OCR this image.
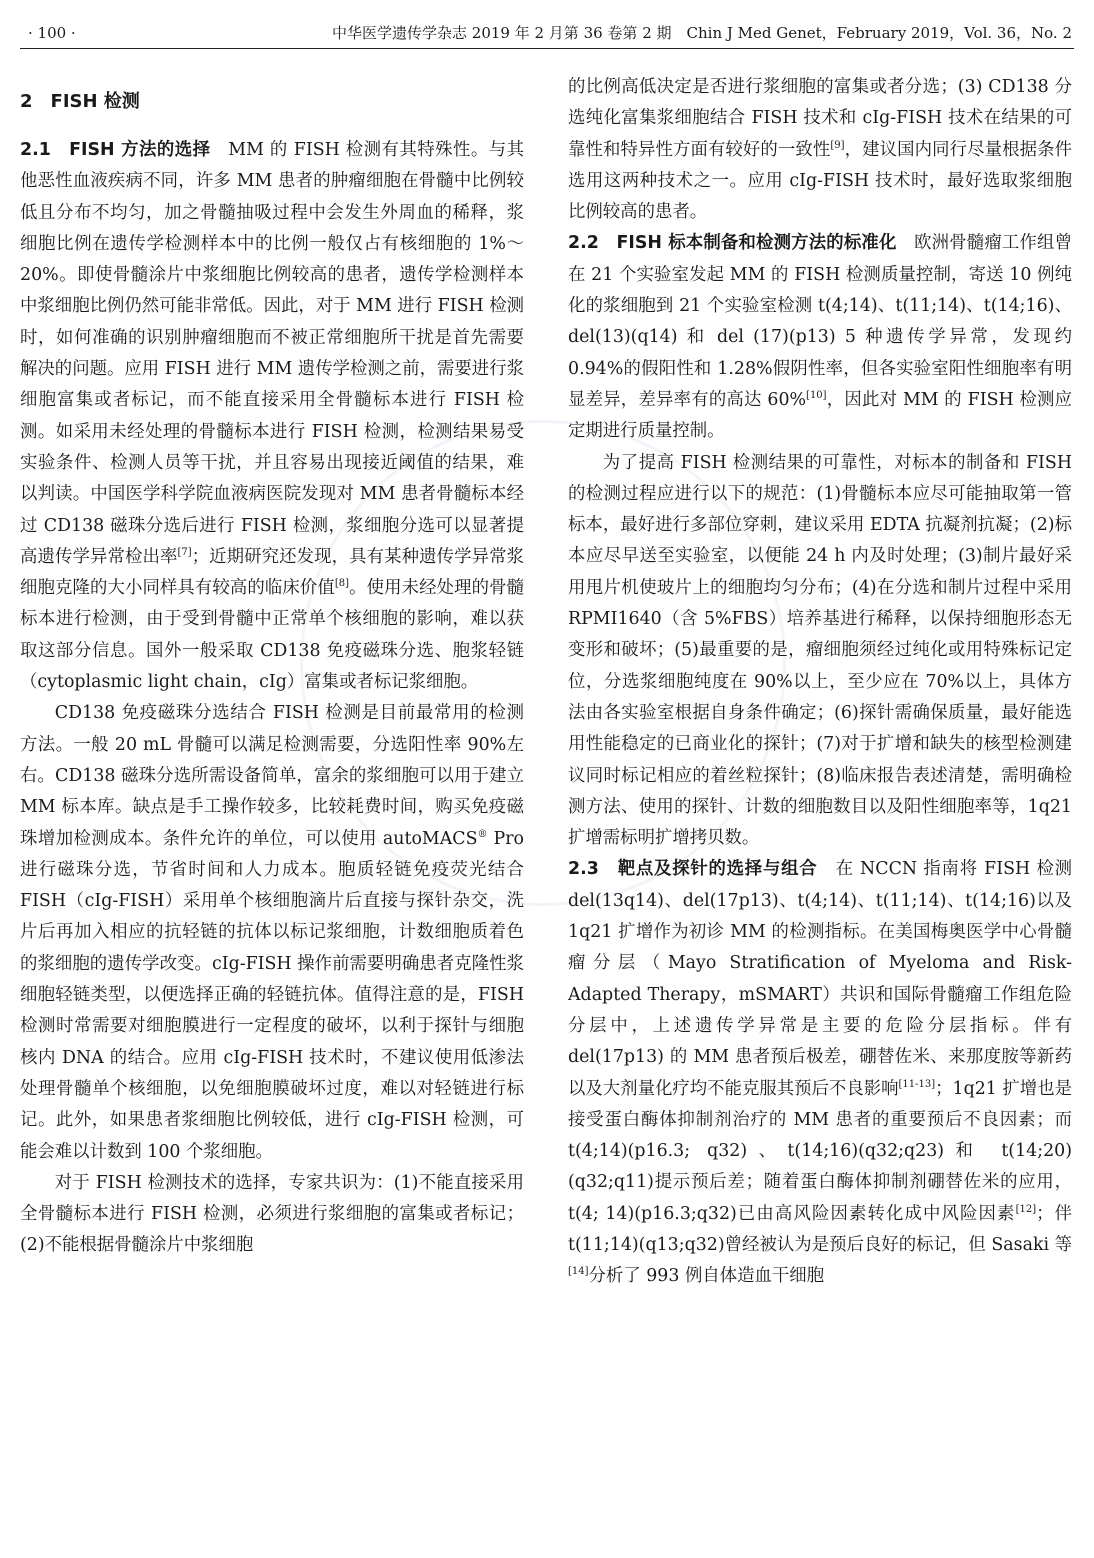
· 100 ·	中华医学遗传学杂志 2019 年 2 月第 36 卷第 2 期　Chin J Med Genet，February 2019，Vol. 36，No. 2
2　FISH 检测

2.1　FISH 方法的选择　MM 的 FISH 检测有其特殊性。与其他恶性血液疾病不同，许多 MM 患者的肿瘤细胞在骨髓中比例较低且分布不均匀，加之骨髓抽吸过程中会发生外周血的稀释，浆细胞比例在遗传学检测样本中的比例一般仅占有核细胞的 1%～20%。即使骨髓涂片中浆细胞比例较高的患者，遗传学检测样本中浆细胞比例仍然可能非常低。因此，对于 MM 进行 FISH 检测时，如何准确的识别肿瘤细胞而不被正常细胞所干扰是首先需要解决的问题。应用 FISH 进行 MM 遗传学检测之前，需要进行浆细胞富集或者标记，而不能直接采用全骨髓标本进行 FISH 检测。如采用未经处理的骨髓标本进行 FISH 检测，检测结果易受实验条件、检测人员等干扰，并且容易出现接近阈值的结果，难以判读。中国医学科学院血液病医院发现对 MM 患者骨髓标本经过 CD138 磁珠分选后进行 FISH 检测，浆细胞分选可以显著提高遗传学异常检出率[7]；近期研究还发现，具有某种遗传学异常浆细胞克隆的大小同样具有较高的临床价值[8]。使用未经处理的骨髓标本进行检测，由于受到骨髓中正常单个核细胞的影响，难以获取这部分信息。国外一般采取 CD138 免疫磁珠分选、胞浆轻链（cytoplasmic light chain，cIg）富集或者标记浆细胞。

CD138 免疫磁珠分选结合 FISH 检测是目前最常用的检测方法。一般 20 mL 骨髓可以满足检测需要，分选阳性率 90%左右。CD138 磁珠分选所需设备简单，富余的浆细胞可以用于建立 MM 标本库。缺点是手工操作较多，比较耗费时间，购买免疫磁珠增加检测成本。条件允许的单位，可以使用 autoMACS® Pro 进行磁珠分选，节省时间和人力成本。胞质轻链免疫荧光结合 FISH（cIg-FISH）采用单个核细胞滴片后直接与探针杂交，洗片后再加入相应的抗轻链的抗体以标记浆细胞，计数细胞质着色的浆细胞的遗传学改变。cIg-FISH 操作前需要明确患者克隆性浆细胞轻链类型，以便选择正确的轻链抗体。值得注意的是，FISH 检测时常需要对细胞膜进行一定程度的破坏，以利于探针与细胞核内 DNA 的结合。应用 cIg-FISH 技术时，不建议使用低渗法处理骨髓单个核细胞，以免细胞膜破坏过度，难以对轻链进行标记。此外，如果患者浆细胞比例较低，进行 cIg-FISH 检测，可能会难以计数到 100 个浆细胞。

对于 FISH 检测技术的选择，专家共识为：(1)不能直接采用全骨髓标本进行 FISH 检测，必须进行浆细胞的富集或者标记；(2)不能根据骨髓涂片中浆细胞

的比例高低决定是否进行浆细胞的富集或者分选；(3) CD138 分选纯化富集浆细胞结合 FISH 技术和 cIg-FISH 技术在结果的可靠性和特异性方面有较好的一致性[9]，建议国内同行尽量根据条件选用这两种技术之一。应用 cIg-FISH 技术时，最好选取浆细胞比例较高的患者。

2.2　FISH 标本制备和检测方法的标准化　欧洲骨髓瘤工作组曾在 21 个实验室发起 MM 的 FISH 检测质量控制，寄送 10 例纯化的浆细胞到 21 个实验室检测 t(4;14)、t(11;14)、t(14;16)、del(13)(q14) 和 del (17)(p13) 5 种遗传学异常，发现约 0.94%的假阳性和 1.28%假阴性率，但各实验室阳性细胞率有明显差异，差异率有的高达 60%[10]，因此对 MM 的 FISH 检测应定期进行质量控制。

为了提高 FISH 检测结果的可靠性，对标本的制备和 FISH 的检测过程应进行以下的规范：(1)骨髓标本应尽可能抽取第一管标本，最好进行多部位穿刺，建议采用 EDTA 抗凝剂抗凝；(2)标本应尽早送至实验室，以便能 24 h 内及时处理；(3)制片最好采用甩片机使玻片上的细胞均匀分布；(4)在分选和制片过程中采用 RPMI1640（含 5%FBS）培养基进行稀释，以保持细胞形态无变形和破坏；(5)最重要的是，瘤细胞须经过纯化或用特殊标记定位，分选浆细胞纯度在 90%以上，至少应在 70%以上，具体方法由各实验室根据自身条件确定；(6)探针需确保质量，最好能选用性能稳定的已商业化的探针；(7)对于扩增和缺失的核型检测建议同时标记相应的着丝粒探针；(8)临床报告表述清楚，需明确检测方法、使用的探针、计数的细胞数目以及阳性细胞率等，1q21 扩增需标明扩增拷贝数。

2.3　靶点及探针的选择与组合　在 NCCN 指南将 FISH 检测 del(13q14)、del(17p13)、t(4;14)、t(11;14)、t(14;16)以及 1q21 扩增作为初诊 MM 的检测指标。在美国梅奥医学中心骨髓瘤分层（Mayo Stratification of Myeloma and Risk-Adapted Therapy，mSMART）共识和国际骨髓瘤工作组危险分层中，上述遗传学异常是主要的危险分层指标。伴有 del(17p13) 的 MM 患者预后极差，硼替佐米、来那度胺等新药以及大剂量化疗均不能克服其预后不良影响[11-13]；1q21 扩增也是接受蛋白酶体抑制剂治疗的 MM 患者的重要预后不良因素；而 t(4;14)(p16.3; q32)、t(14;16)(q32;q23)和 t(14;20)(q32;q11)提示预后差；随着蛋白酶体抑制剂硼替佐米的应用，t(4; 14)(p16.3;q32)已由高风险因素转化成中风险因素[12]；伴 t(11;14)(q13;q32)曾经被认为是预后良好的标记，但 Sasaki 等[14]分析了 993 例自体造血干细胞
